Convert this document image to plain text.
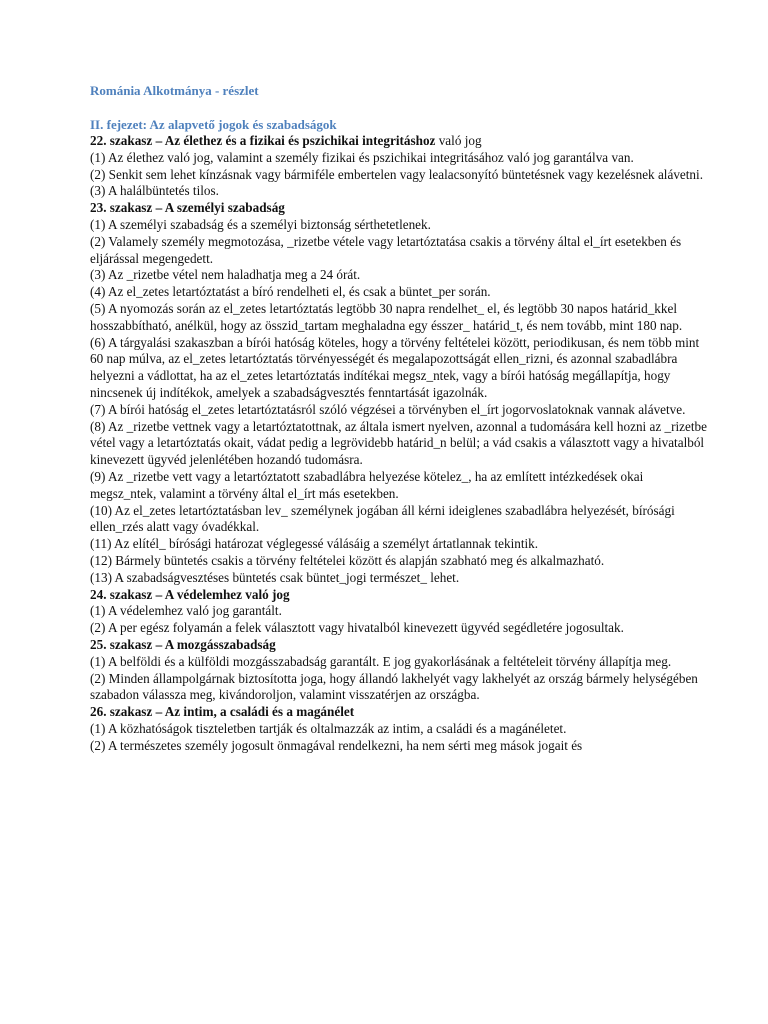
Románia Alkotmánya - részlet

II. fejezet: Az alapvető jogok és szabadságok

22. szakasz – Az élethez és a fizikai és pszichikai integritáshoz való jog

(1) Az élethez való jog, valamint a személy fizikai és pszichikai integritásához való jog garantálva van.

(2) Senkit sem lehet kínzásnak vagy bármiféle embertelen vagy lealacsonyító büntetésnek vagy kezelésnek alávetni.

(3) A halálbüntetés tilos.

23. szakasz – A személyi szabadság

(1) A személyi szabadság és a személyi biztonság sérthetetlenek.

(2) Valamely személy megmotozása, _rizetbe vétele vagy letartóztatása csakis a törvény által el_írt esetekben és eljárással megengedett.

(3) Az _rizetbe vétel nem haladhatja meg a 24 órát.

(4) Az el_zetes letartóztatást a bíró rendelheti el, és csak a büntet_per során.

(5) A nyomozás során az el_zetes letartóztatás legtöbb 30 napra rendelhet_ el, és legtöbb 30 napos határid_kkel hosszabbítható, anélkül, hogy az összid_tartam meghaladna egy ésszer_ határid_t, és nem tovább, mint 180 nap.

(6) A tárgyalási szakaszban a bírói hatóság köteles, hogy a törvény feltételei között, periodikusan, és nem több mint 60 nap múlva, az el_zetes letartóztatás törvényességét és megalapozottságát ellen_rizni, és azonnal szabadlábra helyezni a vádlottat, ha az el_zetes letartóztatás indítékai megsz_ntek, vagy a bírói hatóság megállapítja, hogy nincsenek új indítékok, amelyek a szabadságvesztés fenntartását igazolnák.

(7) A bírói hatóság el_zetes letartóztatásról szóló végzései a törvényben el_írt jogorvoslatoknak vannak alávetve.

(8) Az _rizetbe vettnek vagy a letartóztatottnak, az általa ismert nyelven, azonnal a tudomására kell hozni az _rizetbe vétel vagy a letartóztatás okait, vádat pedig a legrövidebb határid_n belül; a vád csakis a választott vagy a hivatalból kinevezett ügyvéd jelenlétében hozandó tudomásra.

(9) Az _rizetbe vett vagy a letartóztatott szabadlábra helyezése kötelez_, ha az említett intézkedések okai megsz_ntek, valamint a törvény által el_írt más esetekben.

(10) Az el_zetes letartóztatásban lev_ személynek jogában áll kérni ideiglenes szabadlábra helyezését, bírósági ellen_rzés alatt vagy óvadékkal.

(11) Az elítél_ bírósági határozat véglegessé válásáig a személyt ártatlannak tekintik.

(12) Bármely büntetés csakis a törvény feltételei között és alapján szabható meg és alkalmazható.

(13) A szabadságvesztéses büntetés csak büntet_jogi természet_ lehet.

24. szakasz – A védelemhez való jog

(1) A védelemhez való jog garantált.

(2) A per egész folyamán a felek választott vagy hivatalból kinevezett ügyvéd segédletére jogosultak.

25. szakasz – A mozgásszabadság

(1) A belföldi és a külföldi mozgásszabadság garantált. E jog gyakorlásának a feltételeit törvény állapítja meg.

(2) Minden állampolgárnak biztosította joga, hogy állandó lakhelyét vagy lakhelyét az ország bármely helységében szabadon válassza meg, kivándoroljon, valamint visszatérjen az országba.

26. szakasz – Az intim, a családi és a magánélet

(1) A közhatóságok tiszteletben tartják és oltalmazzák az intim, a családi és a magánéletet.

(2) A természetes személy jogosult önmagával rendelkezni, ha nem sérti meg mások jogait és
